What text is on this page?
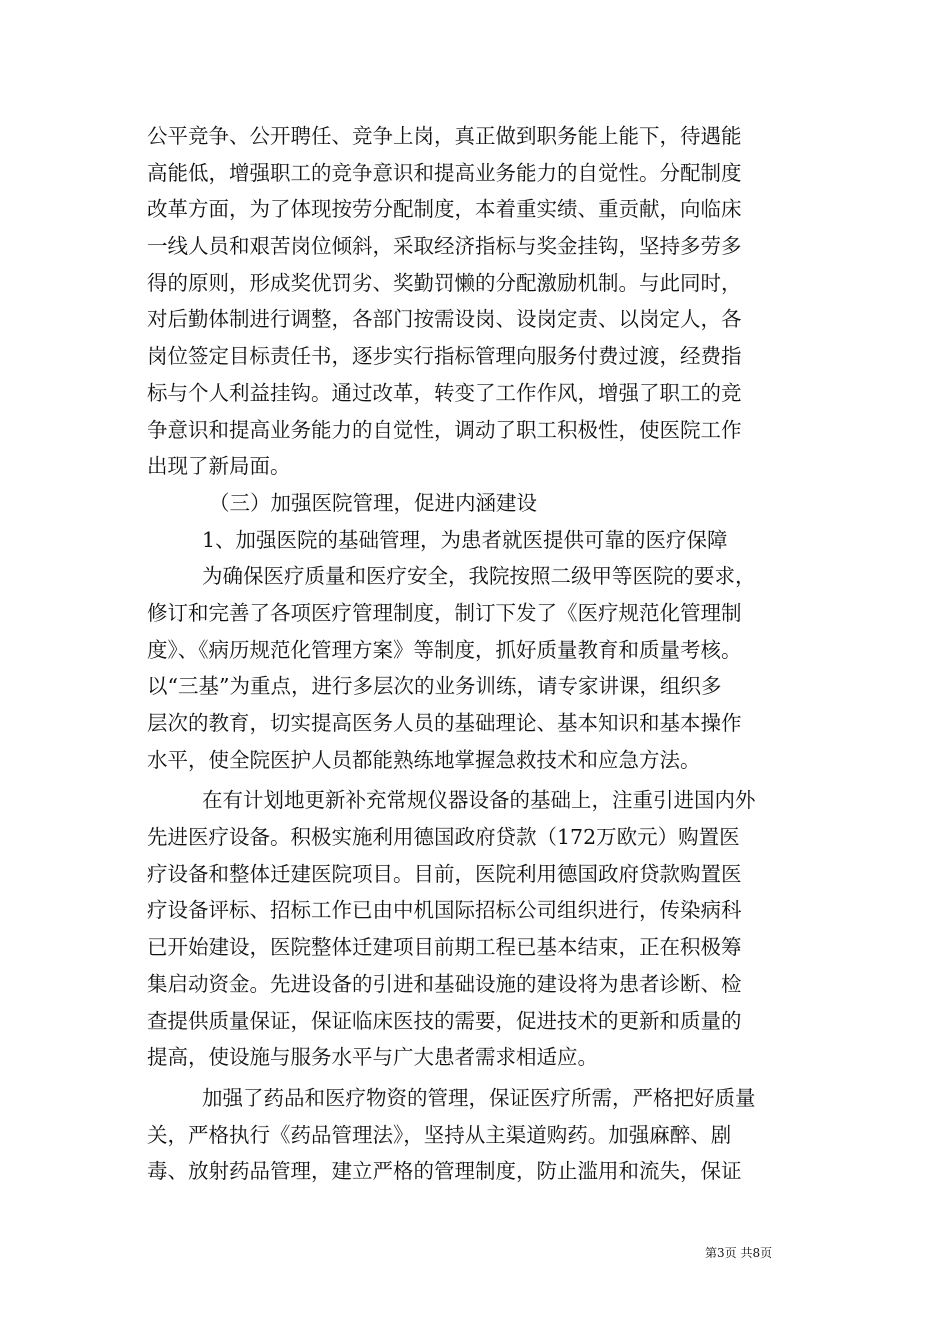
公平竞争、公开聘任、竞争上岗，真正做到职务能上能下，待遇能
高能低，增强职工的竞争意识和提高业务能力的自觉性。分配制度
改革方面，为了体现按劳分配制度，本着重实绩、重贡献，向临床
一线人员和艰苦岗位倾斜，采取经济指标与奖金挂钩，坚持多劳多
得的原则，形成奖优罚劣、奖勤罚懒的分配激励机制。与此同时，
对后勤体制进行调整，各部门按需设岗、设岗定责、以岗定人，各
岗位签定目标责任书，逐步实行指标管理向服务付费过渡，经费指
标与个人利益挂钩。通过改革，转变了工作作风，增强了职工的竞
争意识和提高业务能力的自觉性，调动了职工积极性，使医院工作
出现了新局面。
（三）加强医院管理，促进内涵建设
1、加强医院的基础管理，为患者就医提供可靠的医疗保障
为确保医疗质量和医疗安全，我院按照二级甲等医院的要求，
修订和完善了各项医疗管理制度，制订下发了《医疗规范化管理制
度》、《病历规范化管理方案》等制度，抓好质量教育和质量考核。
以“三基”为重点，进行多层次的业务训练，请专家讲课，组织多
层次的教育，切实提高医务人员的基础理论、基本知识和基本操作
水平，使全院医护人员都能熟练地掌握急救技术和应急方法。
在有计划地更新补充常规仪器设备的基础上，注重引进国内外
先进医疗设备。积极实施利用德国政府贷款（172万欧元）购置医
疗设备和整体迁建医院项目。目前，医院利用德国政府贷款购置医
疗设备评标、招标工作已由中机国际招标公司组织进行，传染病科
已开始建设，医院整体迁建项目前期工程已基本结束，正在积极筹
集启动资金。先进设备的引进和基础设施的建设将为患者诊断、检
查提供质量保证，保证临床医技的需要，促进技术的更新和质量的
提高，使设施与服务水平与广大患者需求相适应。
加强了药品和医疗物资的管理，保证医疗所需，严格把好质量
关，严格执行《药品管理法》，坚持从主渠道购药。加强麻醉、剧
毒、放射药品管理，建立严格的管理制度，防止滥用和流失，保证
第3页 共8页
